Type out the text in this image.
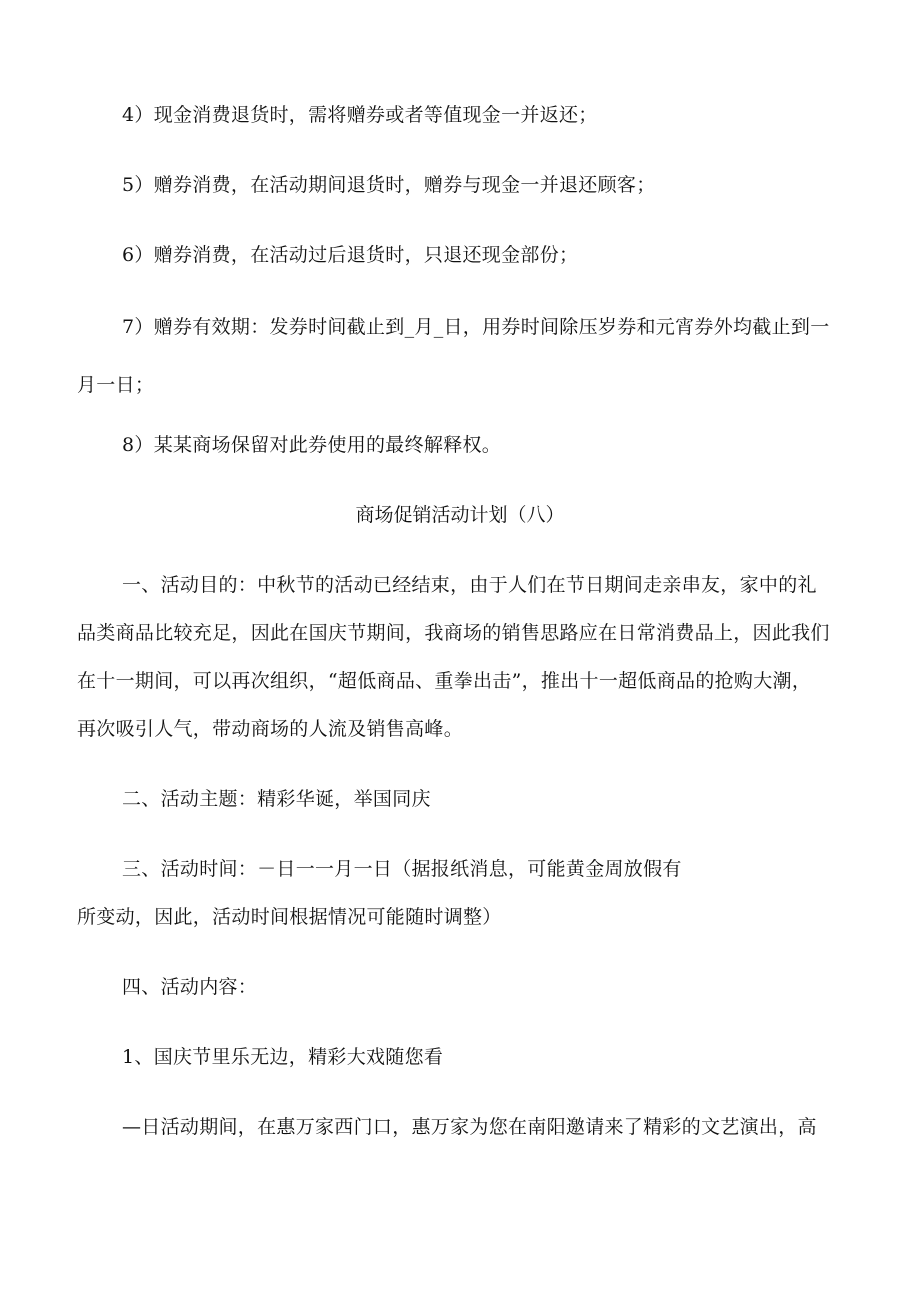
4）现金消费退货时，需将赠券或者等值现金一并返还；
5）赠券消费，在活动期间退货时，赠券与现金一并退还顾客；
6）赠券消费，在活动过后退货时，只退还现金部份；
7）赠券有效期：发券时间截止到_月_日，用券时间除压岁券和元宵券外均截止到一
月一日；
8）某某商场保留对此券使用的最终解释权。
商场促销活动计划（八）
一、活动目的：中秋节的活动已经结束，由于人们在节日期间走亲串友，家中的礼
品类商品比较充足，因此在国庆节期间，我商场的销售思路应在日常消费品上，因此我们
在十一期间，可以再次组织，“超低商品、重拳出击”，推出十一超低商品的抢购大潮，
再次吸引人气，带动商场的人流及销售高峰。
二、活动主题：精彩华诞，举国同庆
三、活动时间：－日一一月一日（据报纸消息，可能黄金周放假有
所变动，因此，活动时间根据情况可能随时调整）
四、活动内容：
1、国庆节里乐无边，精彩大戏随您看
—日活动期间，在惠万家西门口，惠万家为您在南阳邀请来了精彩的文艺演出，高
